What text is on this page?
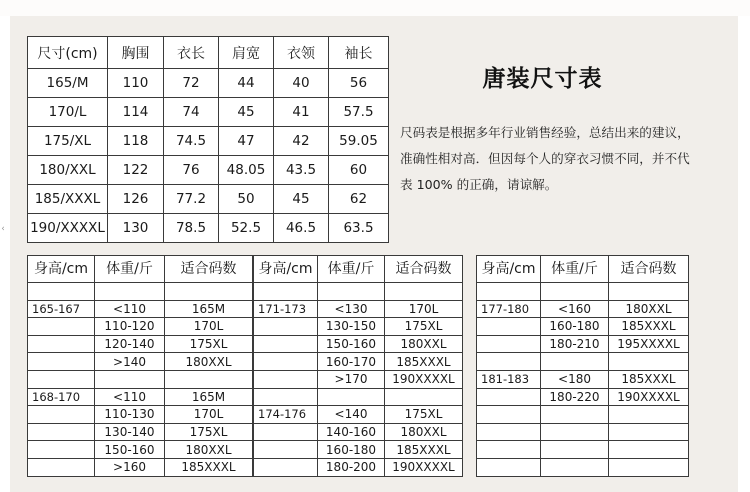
‹
尺寸(cm)	胸围	衣长	肩宽	衣领	袖长
165/M	110	72	44	40	56
170/L	114	74	45	41	57.5
175/XL	118	74.5	47	42	59.05
180/XXL	122	76	48.05	43.5	60
185/XXXL	126	77.2	50	45	62
190/XXXXL	130	78.5	52.5	46.5	63.5
唐装尺寸表
尺码表是根据多年行业销售经验，总结出来的建议，准确性相对高．但因每个人的穿衣习惯不同，并不代表 100% 的正确，请谅解。
身高/cm	体重/斤	适合码数

165-167	<110	165M
	110-120	170L
	120-140	175XL
	>140	180XXL

168-170	<110	165M
	110-130	170L
	130-140	175XL
	150-160	180XXL
	>160	185XXXL
身高/cm	体重/斤	适合码数

171-173	<130	170L
	130-150	175XL
	150-160	180XXL
	160-170	185XXXL
	>170	190XXXXL

174-176	<140	175XL
	140-160	180XXL
	160-180	185XXXL
	180-200	190XXXXL
身高/cm	体重/斤	适合码数

177-180	<160	180XXL
	160-180	185XXXL
	180-210	195XXXXL

181-183	<180	185XXXL
	180-220	190XXXXL
